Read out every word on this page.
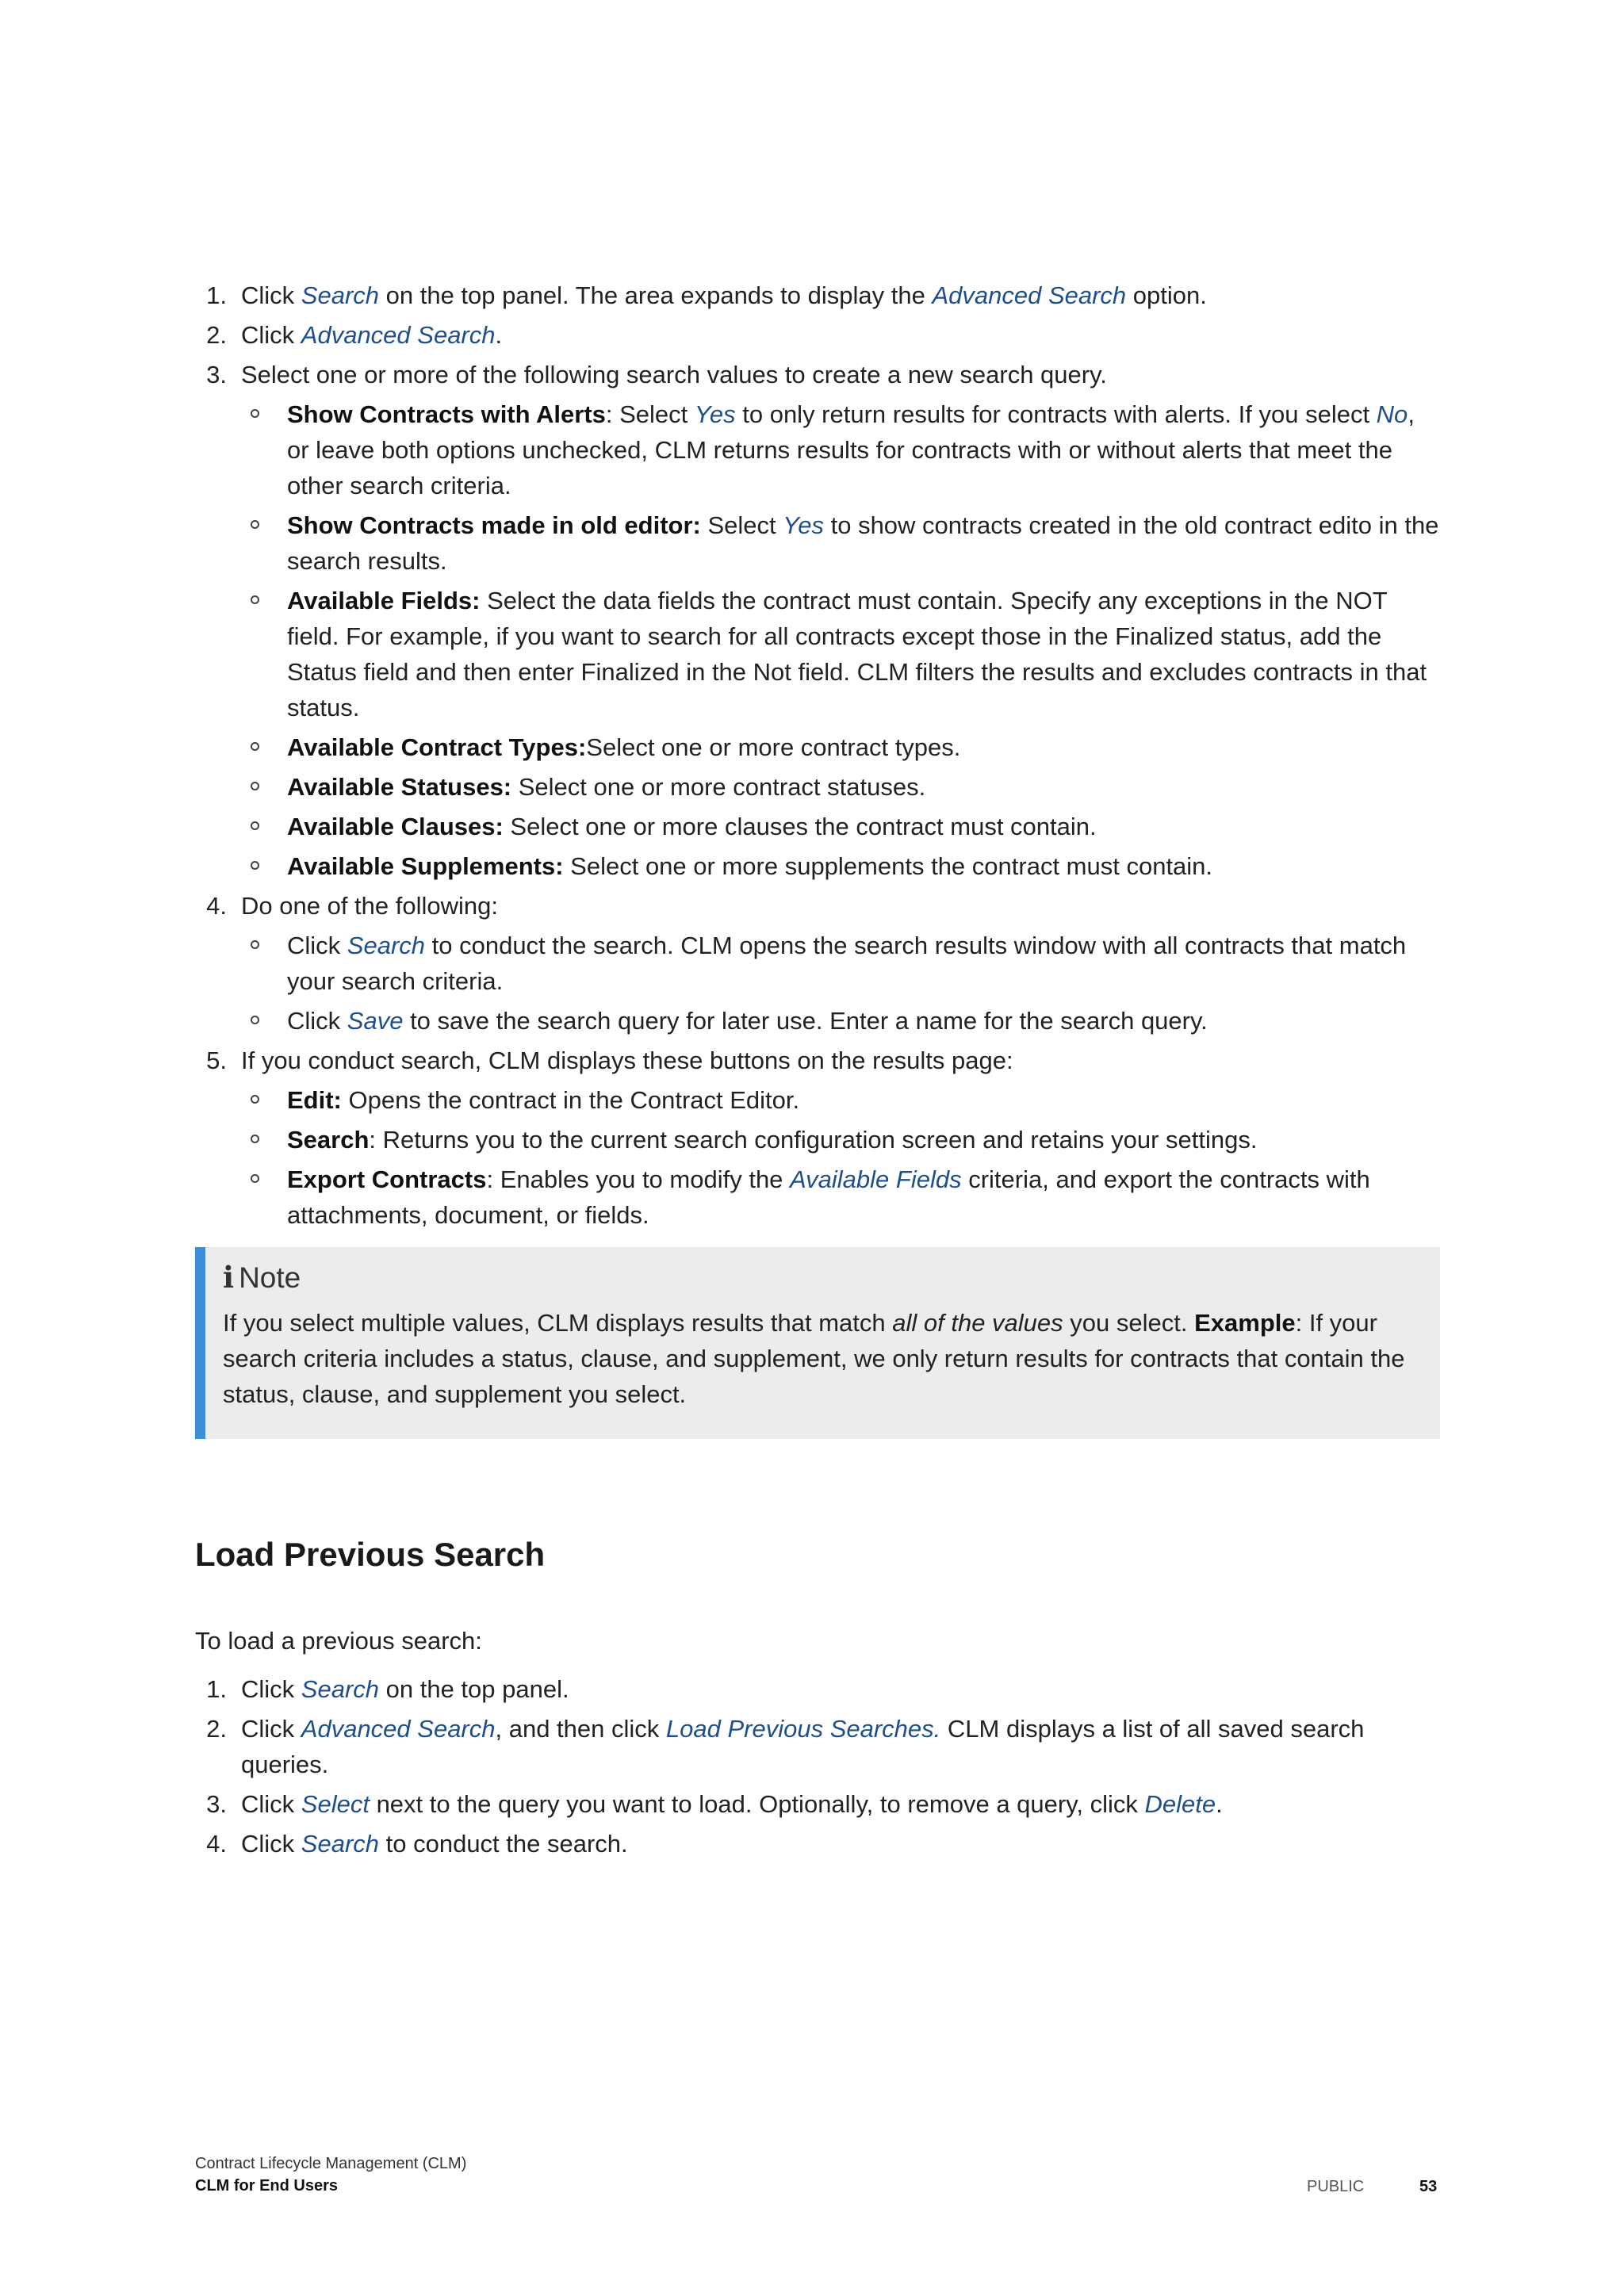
1. Click Search on the top panel. The area expands to display the Advanced Search option.
2. Click Advanced Search.
3. Select one or more of the following search values to create a new search query.
Show Contracts with Alerts: Select Yes to only return results for contracts with alerts. If you select No, or leave both options unchecked, CLM returns results for contracts with or without alerts that meet the other search criteria.
Show Contracts made in old editor: Select Yes to show contracts created in the old contract edito in the search results.
Available Fields: Select the data fields the contract must contain. Specify any exceptions in the NOT field. For example, if you want to search for all contracts except those in the Finalized status, add the Status field and then enter Finalized in the Not field. CLM filters the results and excludes contracts in that status.
Available Contract Types:Select one or more contract types.
Available Statuses: Select one or more contract statuses.
Available Clauses: Select one or more clauses the contract must contain.
Available Supplements: Select one or more supplements the contract must contain.
4. Do one of the following:
Click Search to conduct the search. CLM opens the search results window with all contracts that match your search criteria.
Click Save to save the search query for later use. Enter a name for the search query.
5. If you conduct search, CLM displays these buttons on the results page:
Edit: Opens the contract in the Contract Editor.
Search: Returns you to the current search configuration screen and retains your settings.
Export Contracts: Enables you to modify the Available Fields criteria, and export the contracts with attachments, document, or fields.
i Note
If you select multiple values, CLM displays results that match all of the values you select. Example: If your search criteria includes a status, clause, and supplement, we only return results for contracts that contain the status, clause, and supplement you select.
Load Previous Search
To load a previous search:
1. Click Search on the top panel.
2. Click Advanced Search, and then click Load Previous Searches. CLM displays a list of all saved search queries.
3. Click Select next to the query you want to load. Optionally, to remove a query, click Delete.
4. Click Search to conduct the search.
Contract Lifecycle Management (CLM)
CLM for End Users	PUBLIC	53
